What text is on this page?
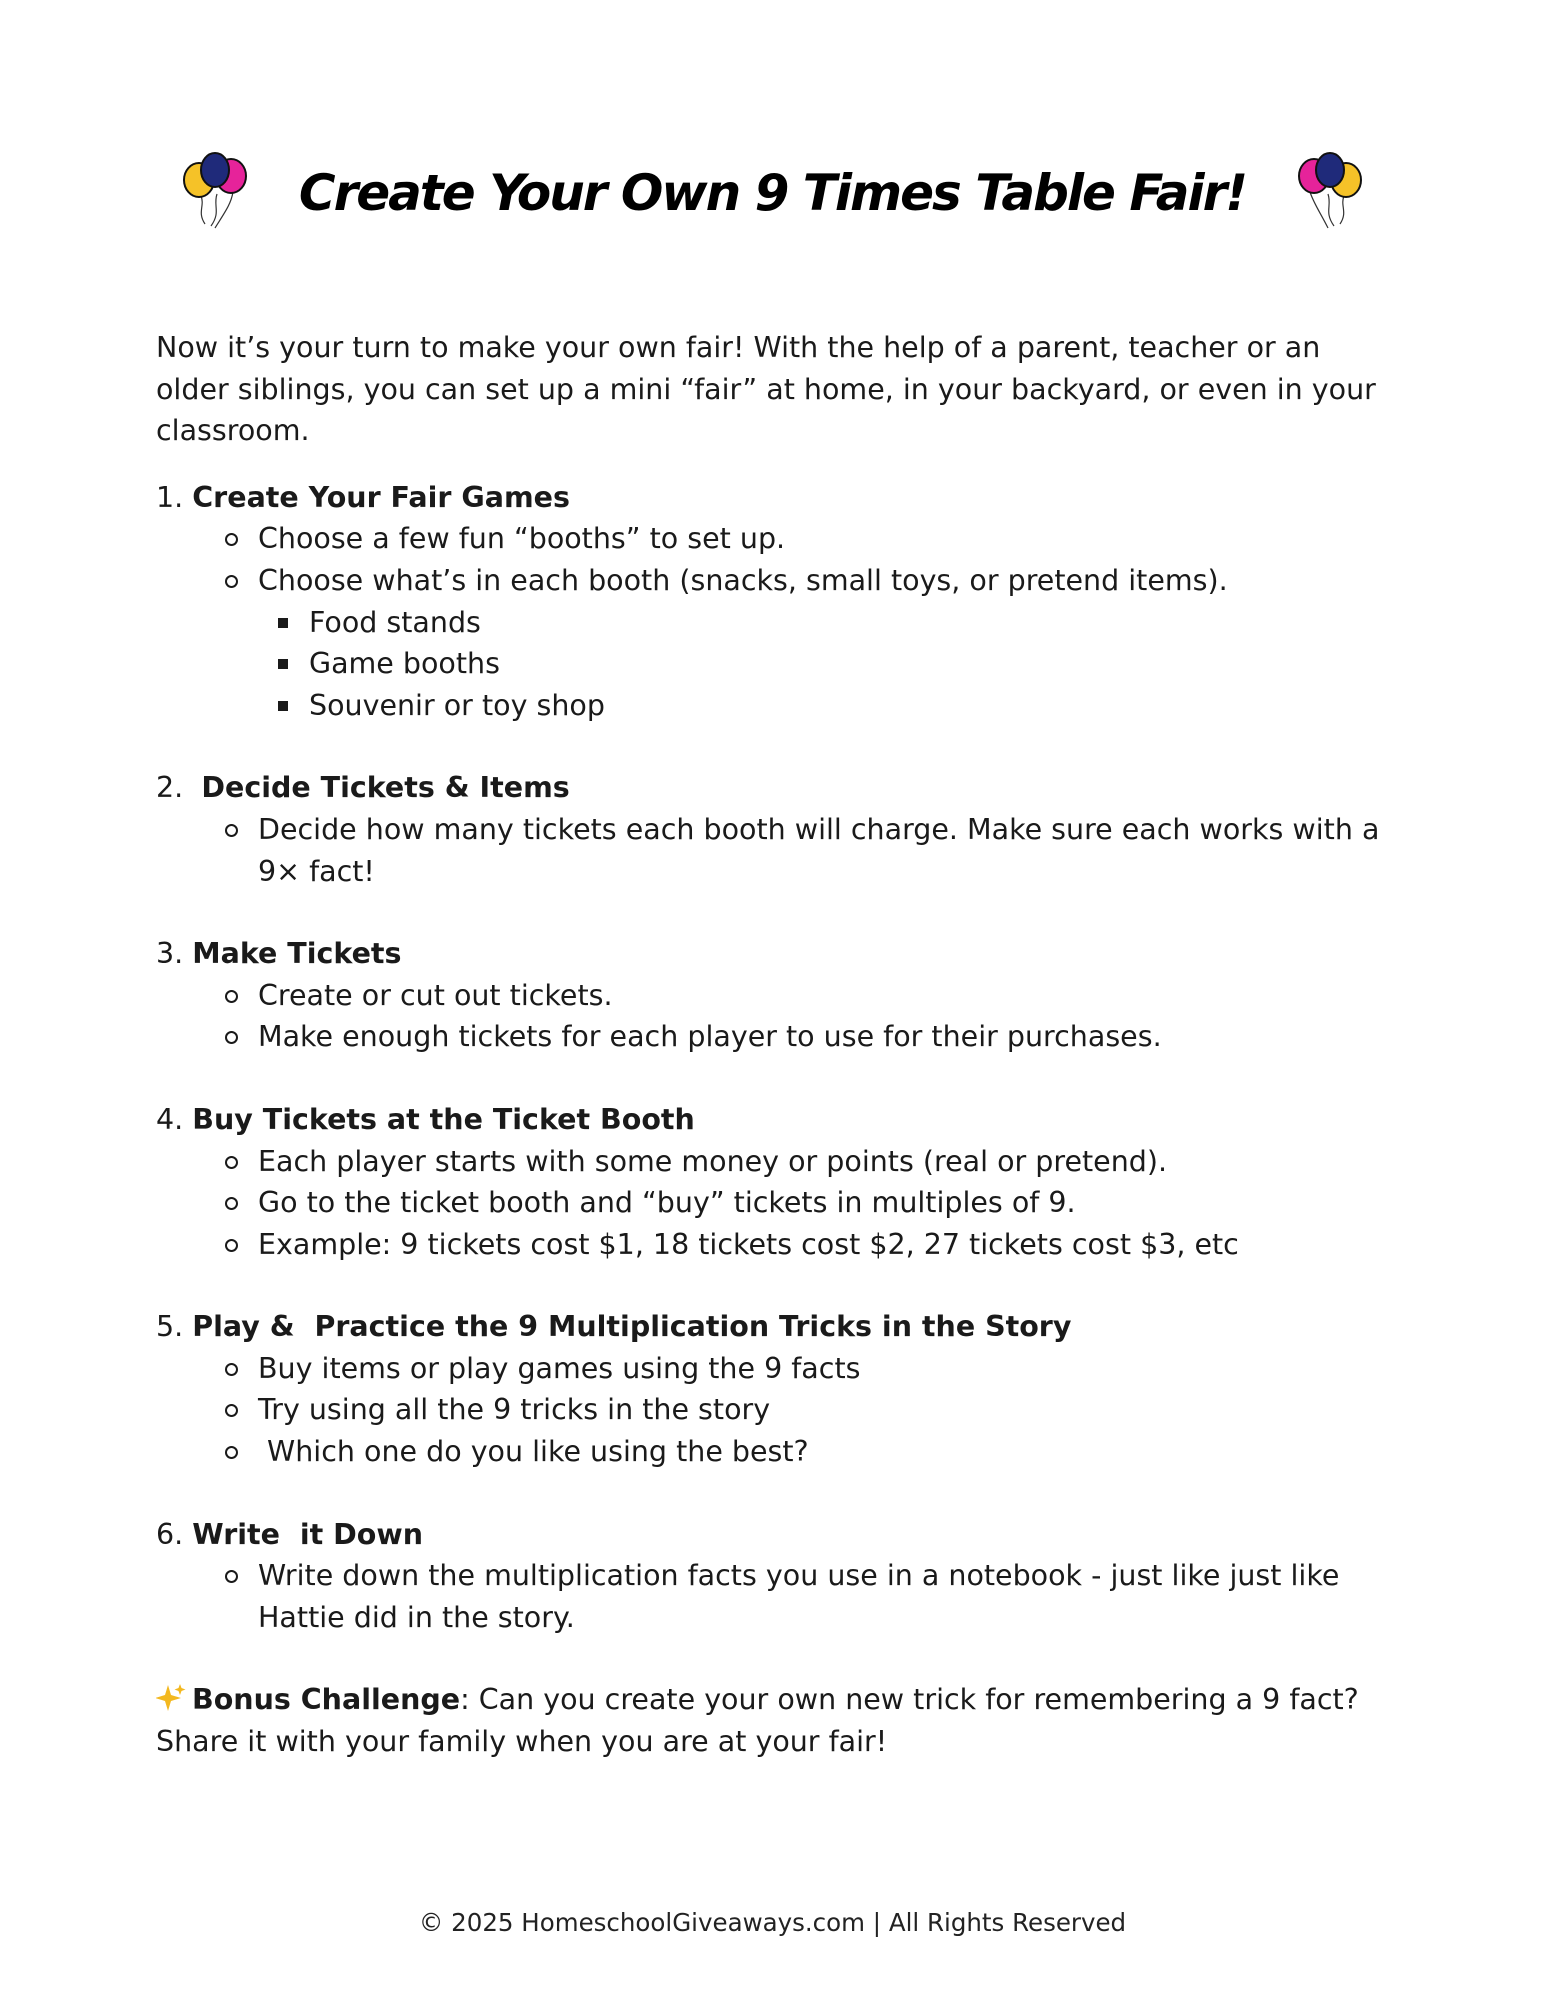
Create Your Own 9 Times Table Fair!

Now it’s your turn to make your own fair! With the help of a parent, teacher or an older siblings, you can set up a mini “fair” at home, in your backyard, or even in your classroom.

1. Create Your Fair Games
Choose a few fun “booths” to set up.
Choose what’s in each booth (snacks, small toys, or pretend items).
Food stands
Game booths
Souvenir or toy shop
2. Decide Tickets & Items
Decide how many tickets each booth will charge. Make sure each works with a 9× fact!
3. Make Tickets
Create or cut out tickets.
Make enough tickets for each player to use for their purchases.
4. Buy Tickets at the Ticket Booth
Each player starts with some money or points (real or pretend).
Go to the ticket booth and “buy” tickets in multiples of 9.
Example: 9 tickets cost $1, 18 tickets cost $2, 27 tickets cost $3, etc
5. Play &  Practice the 9 Multiplication Tricks in the Story
Buy items or play games using the 9 facts
Try using all the 9 tricks in the story
Which one do you like using the best?
6. Write  it Down
Write down the multiplication facts you use in a notebook - just like just like Hattie did in the story.

Bonus Challenge: Can you create your own new trick for remembering a 9 fact? Share it with your family when you are at your fair!

© 2025 HomeschoolGiveaways.com | All Rights Reserved
